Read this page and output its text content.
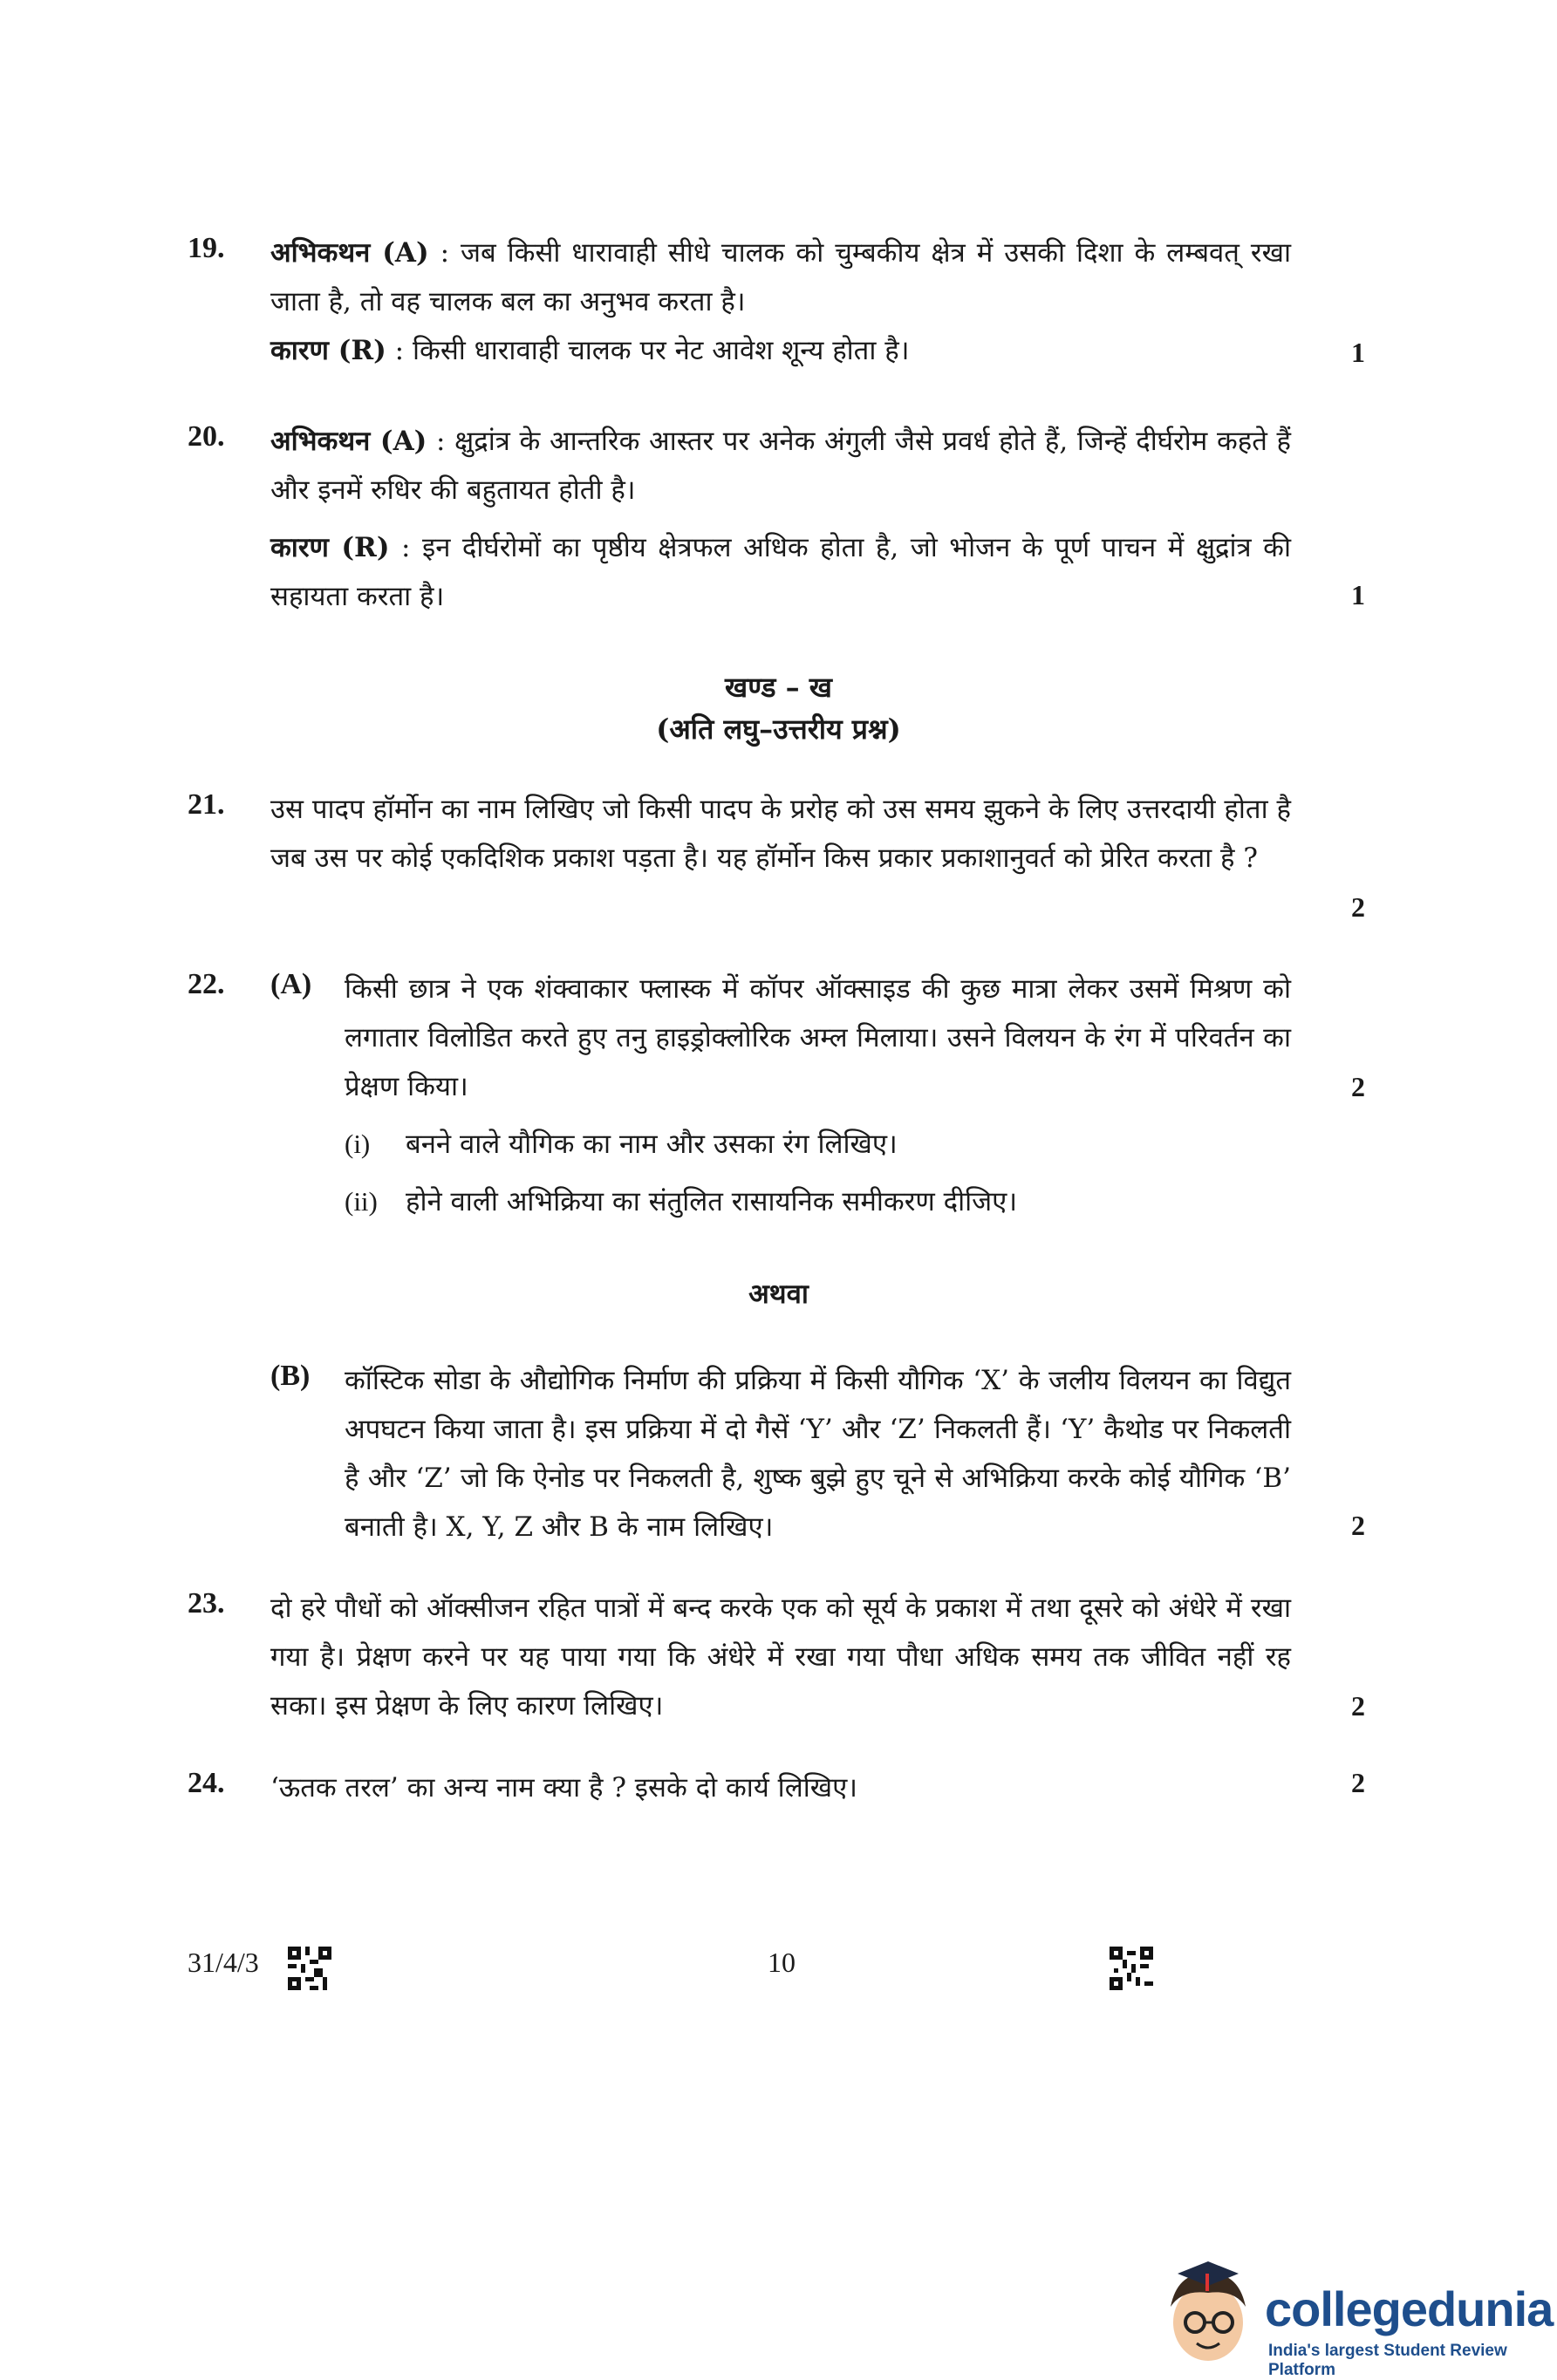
19. अभिकथन (A) : जब किसी धारावाही सीधे चालक को चुम्बकीय क्षेत्र में उसकी दिशा के लम्बवत् रखा जाता है, तो वह चालक बल का अनुभव करता है।
कारण (R) : किसी धारावाही चालक पर नेट आवेश शून्य होता है।	1
20. अभिकथन (A) : क्षुद्रांत्र के आन्तरिक आस्तर पर अनेक अंगुली जैसे प्रवर्ध होते हैं, जिन्हें दीर्घरोम कहते हैं और इनमें रुधिर की बहुतायत होती है।
कारण (R) : इन दीर्घरोमों का पृष्ठीय क्षेत्रफल अधिक होता है, जो भोजन के पूर्ण पाचन में क्षुद्रांत्र की सहायता करता है।	1
खण्ड – ख
(अति लघु–उत्तरीय प्रश्न)
21. उस पादप हॉर्मोन का नाम लिखिए जो किसी पादप के प्ररोह को उस समय झुकने के लिए उत्तरदायी होता है जब उस पर कोई एकदिशिक प्रकाश पड़ता है। यह हॉर्मोन किस प्रकार प्रकाशानुवर्त को प्रेरित करता है ?
2
22. (A) किसी छात्र ने एक शंक्वाकार फ्लास्क में कॉपर ऑक्साइड की कुछ मात्रा लेकर उसमें मिश्रण को लगातार विलोडित करते हुए तनु हाइड्रोक्लोरिक अम्ल मिलाया। उसने विलयन के रंग में परिवर्तन का प्रेक्षण किया।	2
(i) बनने वाले यौगिक का नाम और उसका रंग लिखिए।
(ii) होने वाली अभिक्रिया का संतुलित रासायनिक समीकरण दीजिए।
अथवा
(B) कॉस्टिक सोडा के औद्योगिक निर्माण की प्रक्रिया में किसी यौगिक ‘X’ के जलीय विलयन का विद्युत अपघटन किया जाता है। इस प्रक्रिया में दो गैसें ‘Y’ और ‘Z’ निकलती हैं। ‘Y’ कैथोड पर निकलती है और ‘Z’ जो कि ऐनोड पर निकलती है, शुष्क बुझे हुए चूने से अभिक्रिया करके कोई यौगिक ‘B’ बनाती है। X, Y, Z और B के नाम लिखिए।	2
23. दो हरे पौधों को ऑक्सीजन रहित पात्रों में बन्द करके एक को सूर्य के प्रकाश में तथा दूसरे को अंधेरे में रखा गया है। प्रेक्षण करने पर यह पाया गया कि अंधेरे में रखा गया पौधा अधिक समय तक जीवित नहीं रह सका। इस प्रेक्षण के लिए कारण लिखिए।	2
24. ‘ऊतक तरल’ का अन्य नाम क्या है ? इसके दो कार्य लिखिए।	2
31/4/3	10
collegedunia
India's largest Student Review Platform
